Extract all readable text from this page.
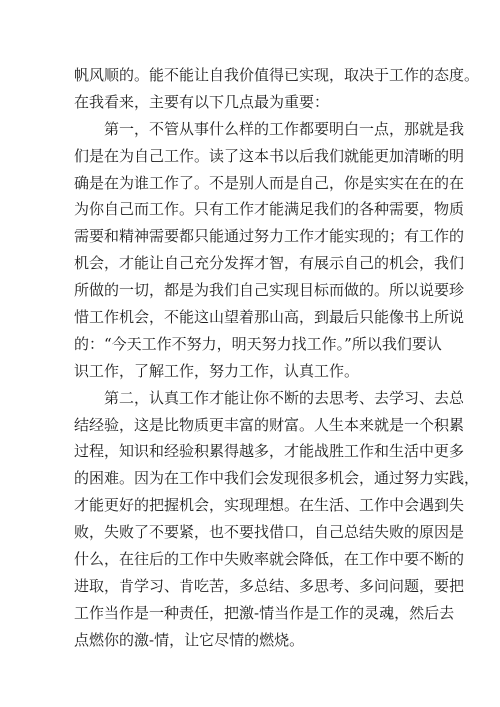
帆风顺的。能不能让自我价值得已实现，取决于工作的态度。
在我看来，主要有以下几点最为重要：
第一，不管从事什么样的工作都要明白一点，那就是我
们是在为自己工作。读了这本书以后我们就能更加清晰的明
确是在为谁工作了。不是别人而是自己，你是实实在在的在
为你自己而工作。只有工作才能满足我们的各种需要，物质
需要和精神需要都只能通过努力工作才能实现的；有工作的
机会，才能让自己充分发挥才智，有展示自己的机会，我们
所做的一切，都是为我们自己实现目标而做的。所以说要珍
惜工作机会，不能这山望着那山高，到最后只能像书上所说
的：“今天工作不努力，明天努力找工作。”所以我们要认
识工作，了解工作，努力工作，认真工作。
第二，认真工作才能让你不断的去思考、去学习、去总
结经验，这是比物质更丰富的财富。人生本来就是一个积累
过程，知识和经验积累得越多，才能战胜工作和生活中更多
的困难。因为在工作中我们会发现很多机会，通过努力实践，
才能更好的把握机会，实现理想。在生活、工作中会遇到失
败，失败了不要紧，也不要找借口，自己总结失败的原因是
什么，在往后的工作中失败率就会降低，在工作中要不断的
进取，肯学习、肯吃苦，多总结、多思考、多问问题，要把
工作当作是一种责任，把激-情当作是工作的灵魂，然后去
点燃你的激-情，让它尽情的燃烧。
